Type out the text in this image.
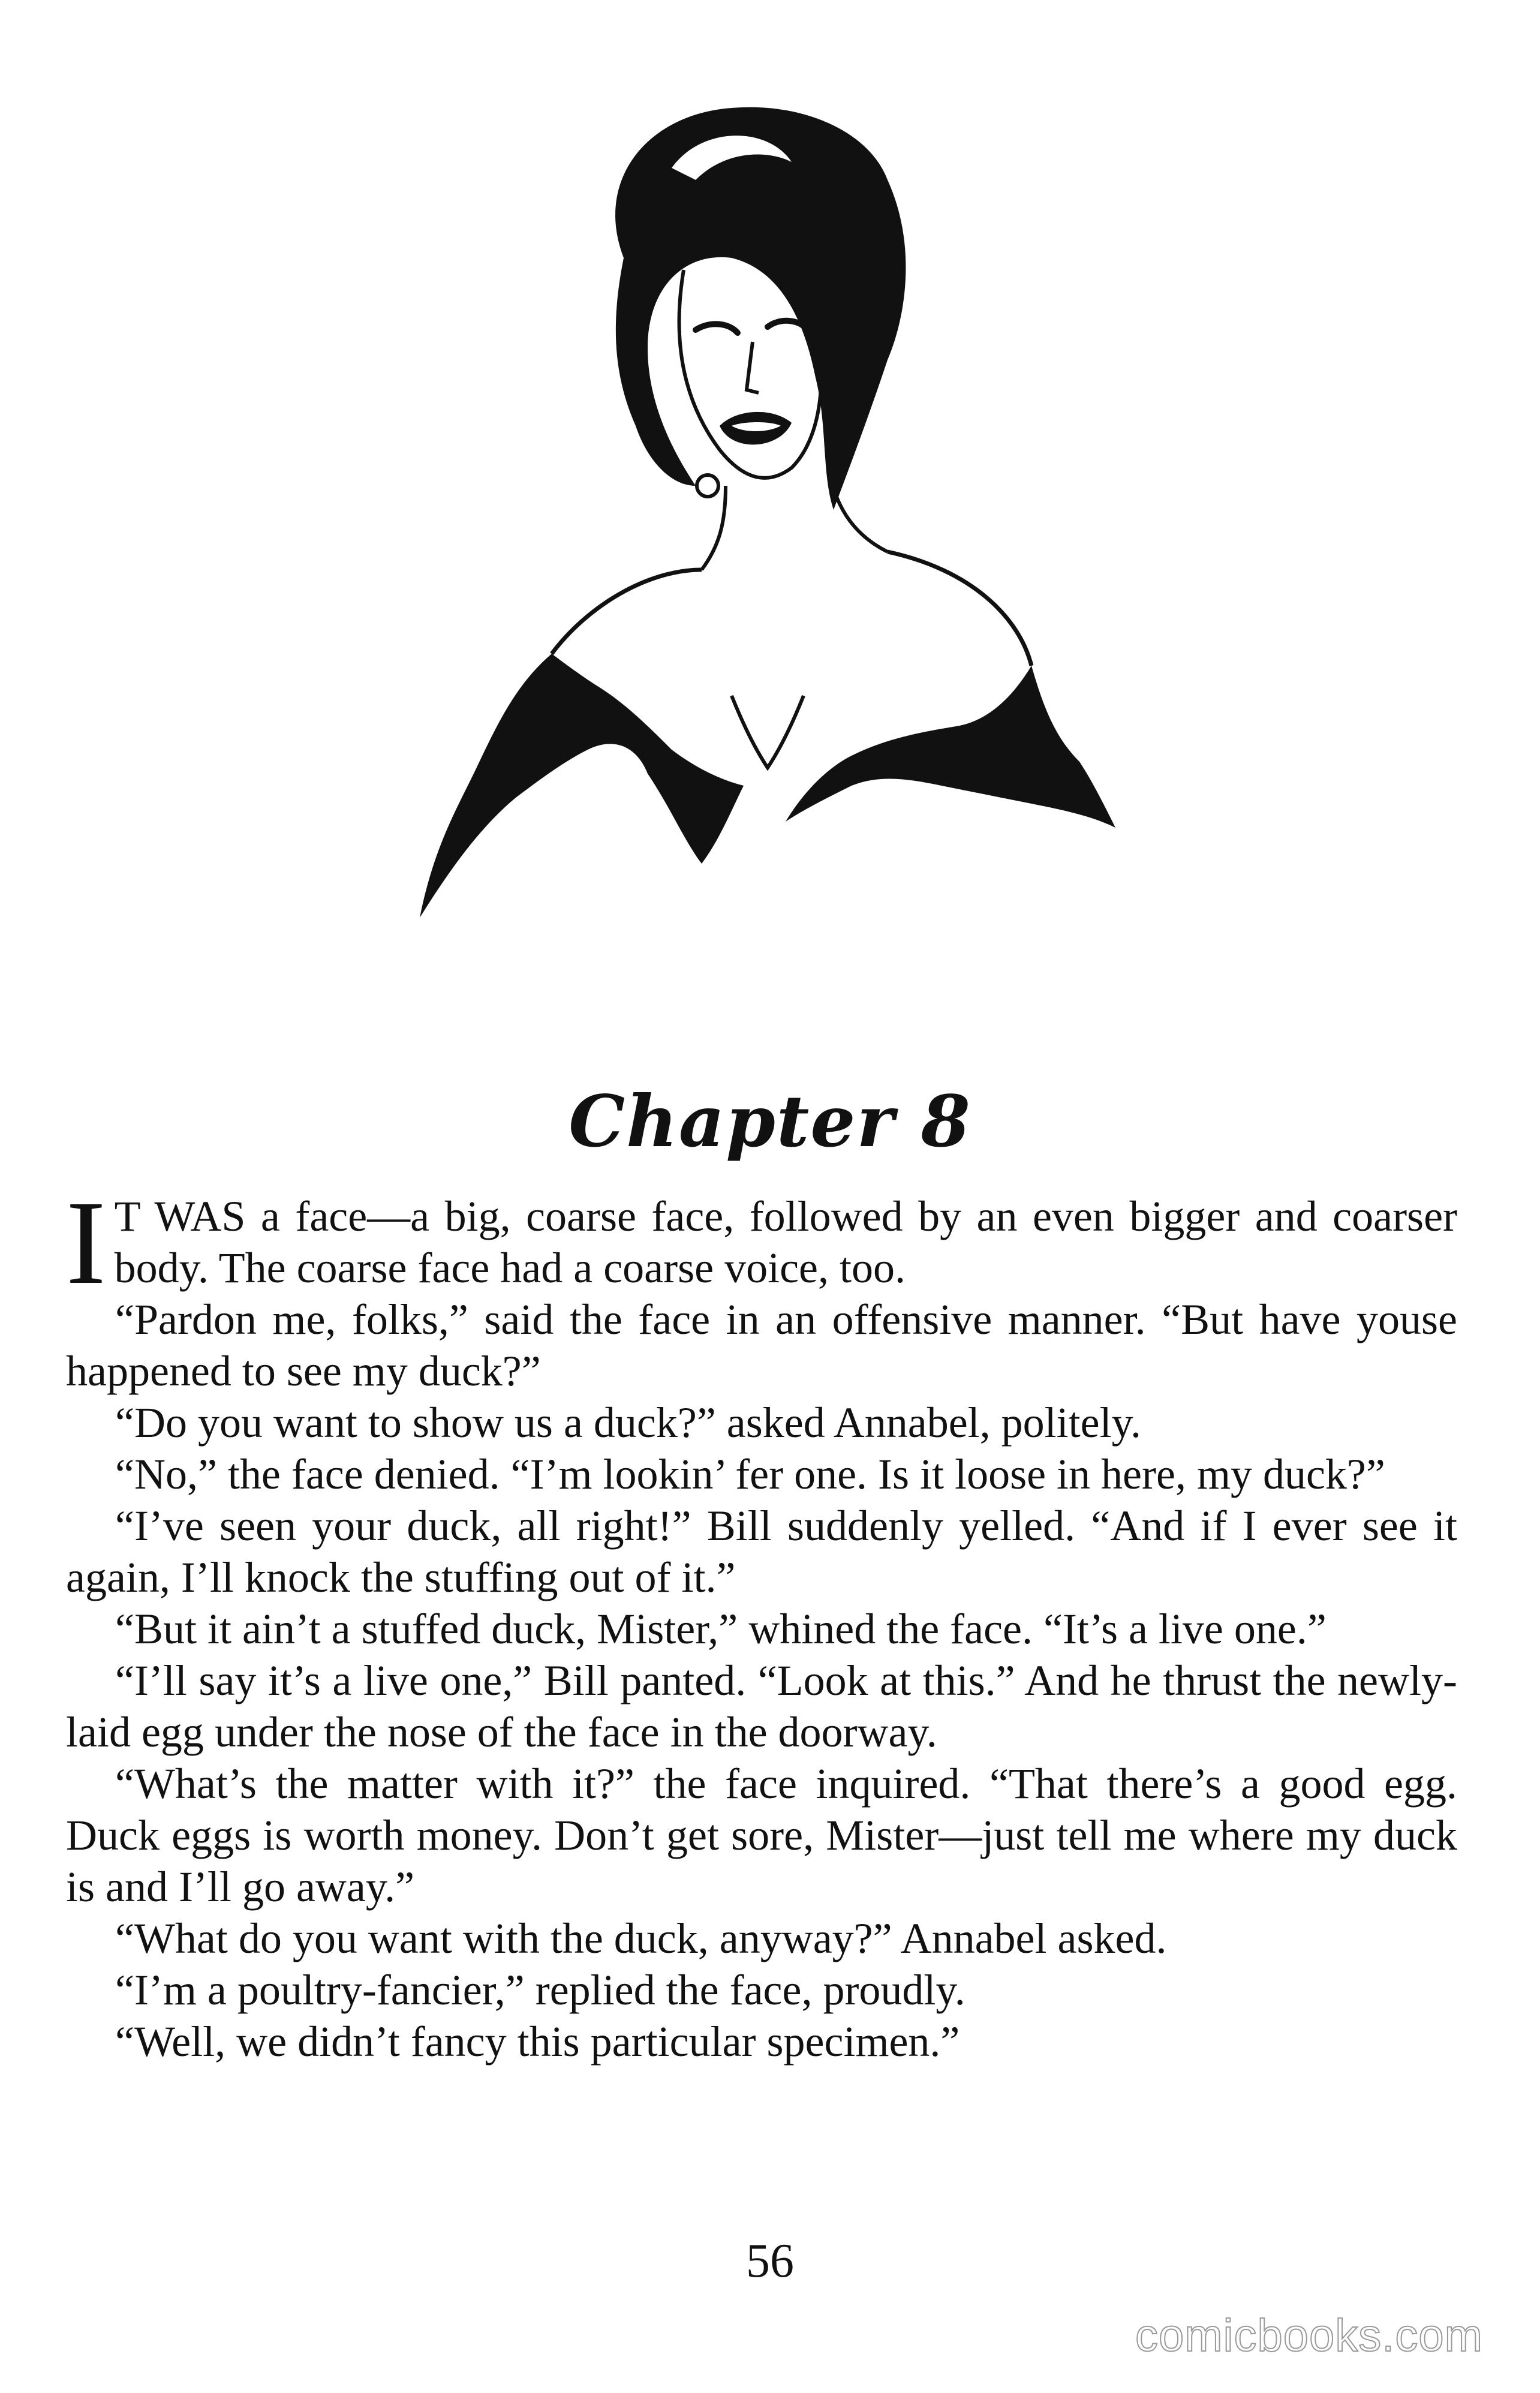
Chapter 8

I T WAS a face—a big, coarse face, followed by an even bigger and coarser body. The coarse face had a coarse voice, too.

“Pardon me, folks,” said the face in an offensive manner. “But have youse happened to see my duck?”

“Do you want to show us a duck?” asked Annabel, politely.

“No,” the face denied. “I’m lookin’ fer one. Is it loose in here, my duck?”

“I’ve seen your duck, all right!” Bill suddenly yelled. “And if I ever see it again, I’ll knock the stuffing out of it.”

“But it ain’t a stuffed duck, Mister,” whined the face. “It’s a live one.”

“I’ll say it’s a live one,” Bill panted. “Look at this.” And he thrust the newly-laid egg under the nose of the face in the doorway.

“What’s the matter with it?” the face inquired. “That there’s a good egg. Duck eggs is worth money. Don’t get sore, Mister—just tell me where my duck is and I’ll go away.”

“What do you want with the duck, anyway?” Annabel asked.

“I’m a poultry-fancier,” replied the face, proudly.

“Well, we didn’t fancy this particular specimen.”

56
comicbooks.com
